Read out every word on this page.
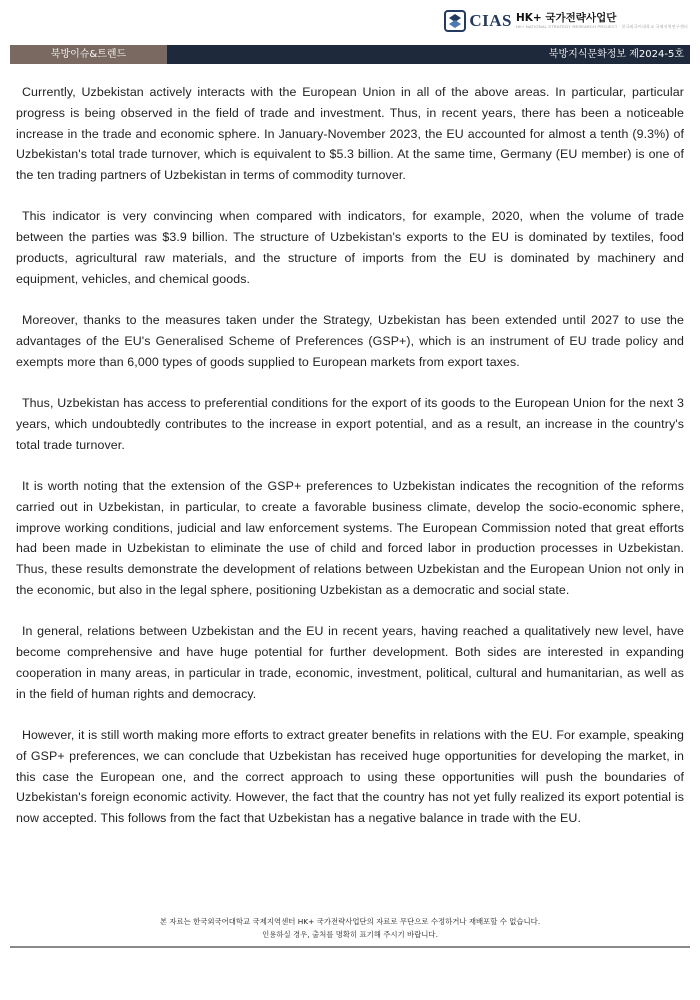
CIAS HK+ 국가전략사업단
HK+ NATIONAL STRATEGY RESEARCH PROJECT · 한국외국어대학교 국제지역연구센터
북방이슈&트렌드	북방지식문화정보 제2024-5호

Currently, Uzbekistan actively interacts with the European Union in all of the above areas. In particular, particular progress is being observed in the field of trade and investment. Thus, in recent years, there has been a noticeable increase in the trade and economic sphere. In January-November 2023, the EU accounted for almost a tenth (9.3%) of Uzbekistan's total trade turnover, which is equivalent to $5.3 billion. At the same time, Germany (EU member) is one of the ten trading partners of Uzbekistan in terms of commodity turnover.

This indicator is very convincing when compared with indicators, for example, 2020, when the volume of trade between the parties was $3.9 billion. The structure of Uzbekistan's exports to the EU is dominated by textiles, food products, agricultural raw materials, and the structure of imports from the EU is dominated by machinery and equipment, vehicles, and chemical goods.

Moreover, thanks to the measures taken under the Strategy, Uzbekistan has been extended until 2027 to use the advantages of the EU's Generalised Scheme of Preferences (GSP+), which is an instrument of EU trade policy and exempts more than 6,000 types of goods supplied to European markets from export taxes.

Thus, Uzbekistan has access to preferential conditions for the export of its goods to the European Union for the next 3 years, which undoubtedly contributes to the increase in export potential, and as a result, an increase in the country's total trade turnover.

It is worth noting that the extension of the GSP+ preferences to Uzbekistan indicates the recognition of the reforms carried out in Uzbekistan, in particular, to create a favorable business climate, develop the socio-economic sphere, improve working conditions, judicial and law enforcement systems. The European Commission noted that great efforts had been made in Uzbekistan to eliminate the use of child and forced labor in production processes in Uzbekistan. Thus, these results demonstrate the development of relations between Uzbekistan and the European Union not only in the economic, but also in the legal sphere, positioning Uzbekistan as a democratic and social state.

In general, relations between Uzbekistan and the EU in recent years, having reached a qualitatively new level, have become comprehensive and have huge potential for further development. Both sides are interested in expanding cooperation in many areas, in particular in trade, economic, investment, political, cultural and humanitarian, as well as in the field of human rights and democracy.

However, it is still worth making more efforts to extract greater benefits in relations with the EU. For example, speaking of GSP+ preferences, we can conclude that Uzbekistan has received huge opportunities for developing the market, in this case the European one, and the correct approach to using these opportunities will push the boundaries of Uzbekistan's foreign economic activity. However, the fact that the country has not yet fully realized its export potential is now accepted. This follows from the fact that Uzbekistan has a negative balance in trade with the EU.

본 자료는 한국외국어대학교 국제지역센터 HK+ 국가전략사업단의 자료로 무단으로 수정하거나 재배포할 수 없습니다.
인용하실 경우, 출처를 명확히 표기해 주시기 바랍니다.
